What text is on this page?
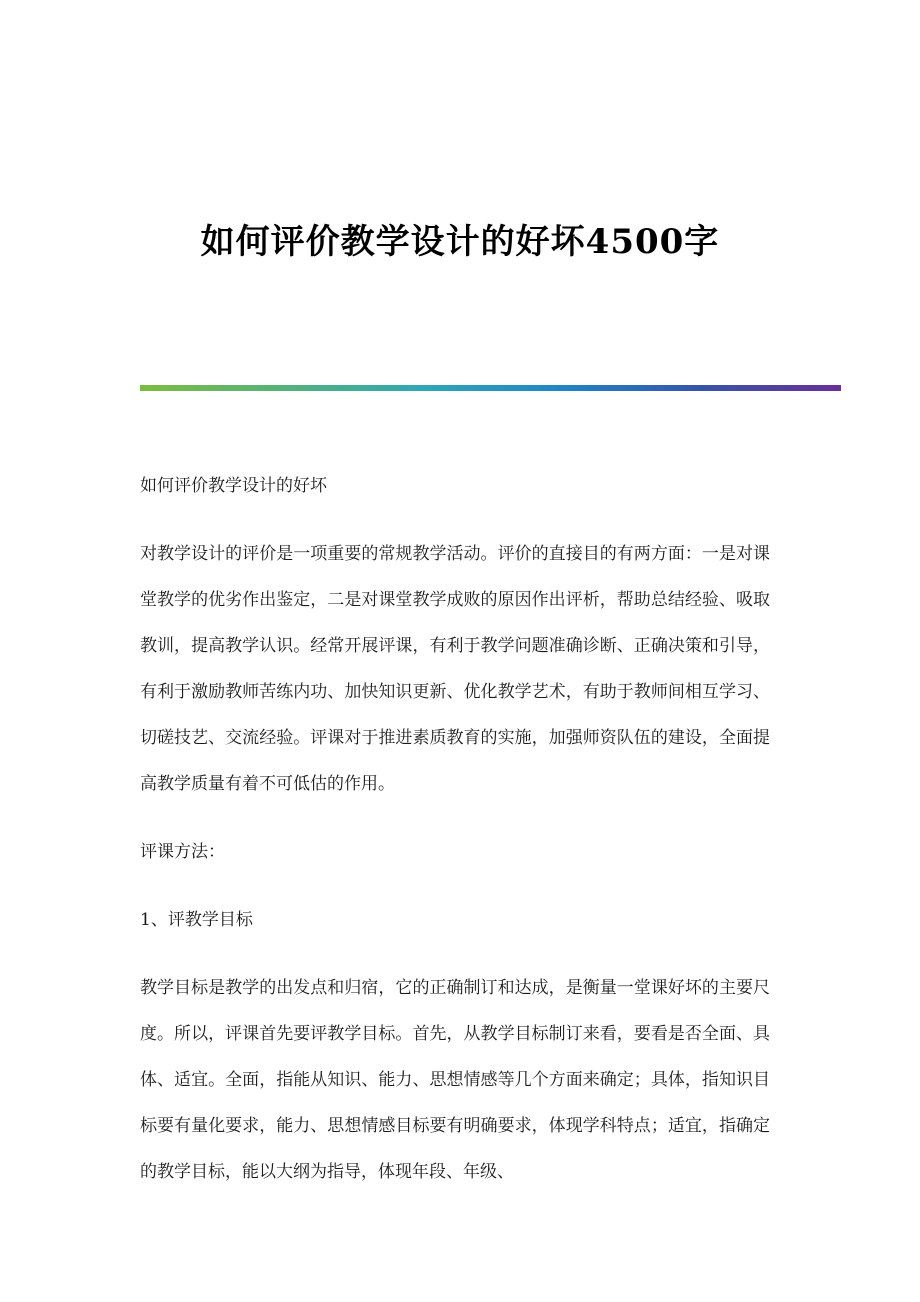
如何评价教学设计的好坏4500字

如何评价教学设计的好坏

对教学设计的评价是一项重要的常规教学活动。评价的直接目的有两方面：一是对课堂教学的优劣作出鉴定，二是对课堂教学成败的原因作出评析，帮助总结经验、吸取教训，提高教学认识。经常开展评课，有利于教学问题准确诊断、正确决策和引导，有利于激励教师苦练内功、加快知识更新、优化教学艺术，有助于教师间相互学习、切磋技艺、交流经验。评课对于推进素质教育的实施，加强师资队伍的建设，全面提高教学质量有着不可低估的作用。

评课方法：

1、评教学目标

教学目标是教学的出发点和归宿，它的正确制订和达成，是衡量一堂课好坏的主要尺度。所以，评课首先要评教学目标。首先，从教学目标制订来看，要看是否全面、具体、适宜。全面，指能从知识、能力、思想情感等几个方面来确定；具体，指知识目标要有量化要求，能力、思想情感目标要有明确要求，体现学科特点；适宜，指确定的教学目标，能以大纲为指导，体现年段、年级、
